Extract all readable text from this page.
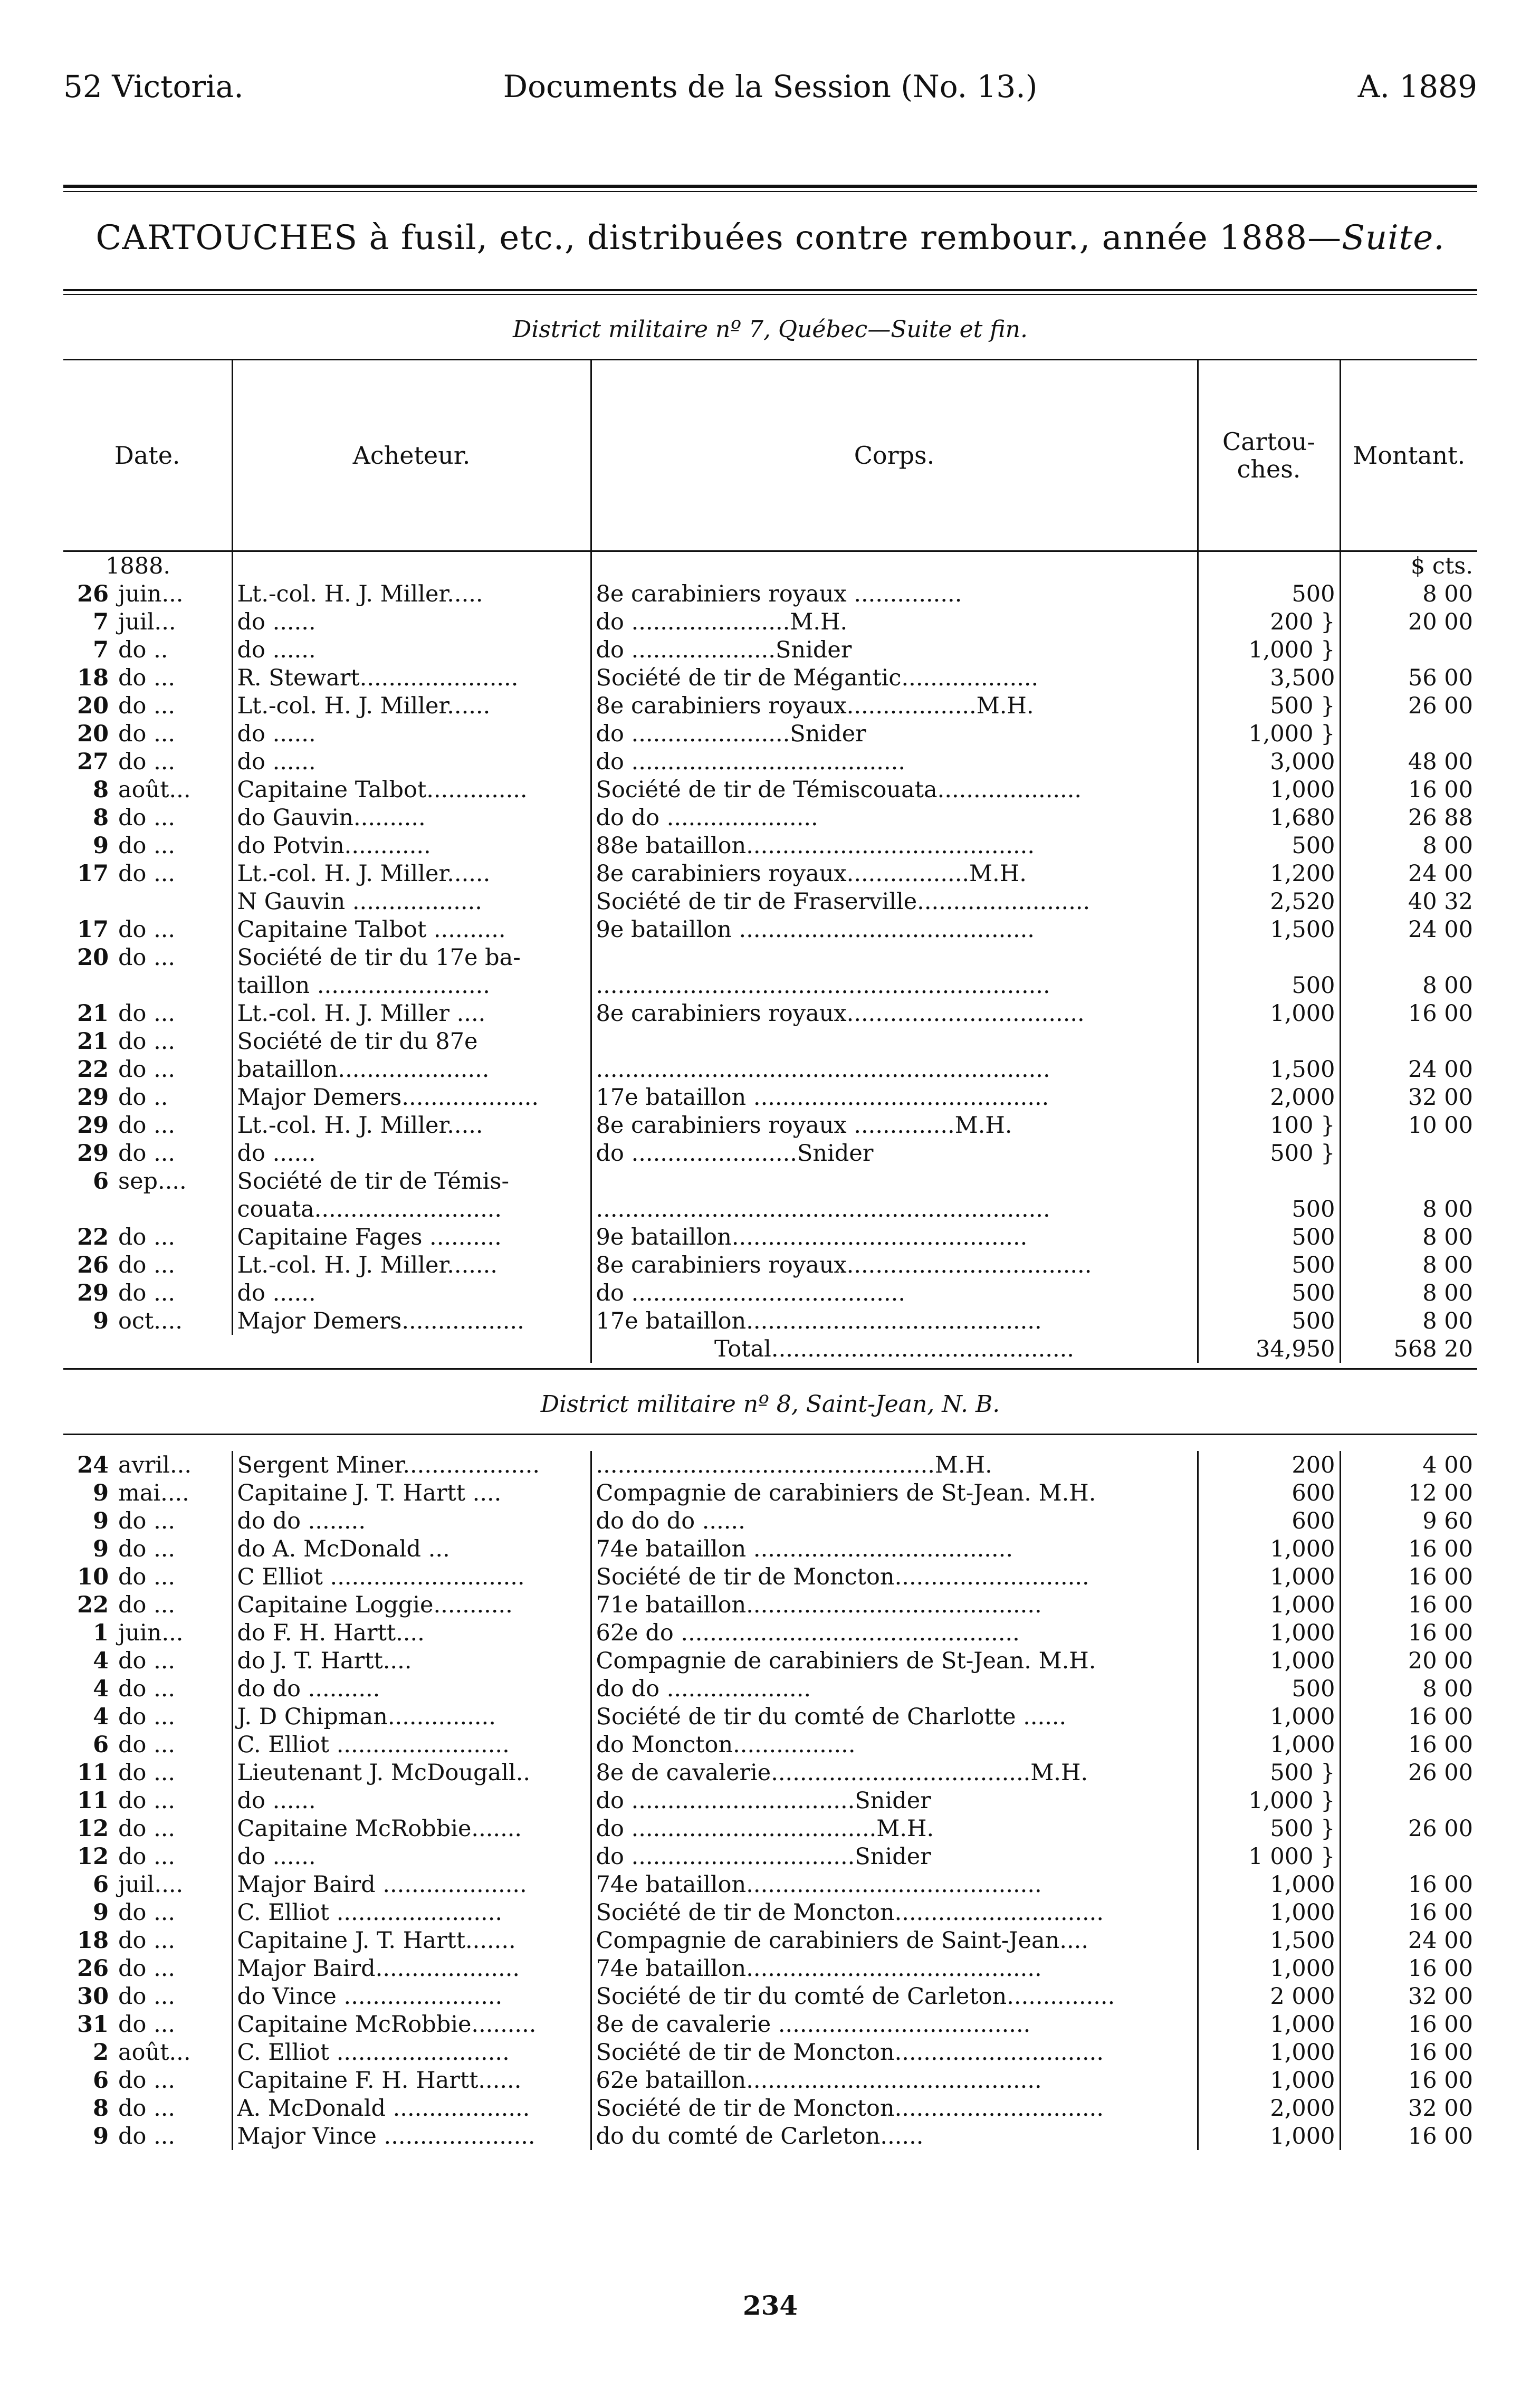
52 Victoria.	Documents de la Session (No. 13.)	A. 1889
CARTOUCHES à fusil, etc., distribuées contre rembour., année 1888—Suite.
District militaire nº 7, Québec—Suite et fin.
Date.	Acheteur.	Corps.	Cartou-ches.	Montant.
1888.				$ cts.
26 juin...	Lt.-col. H. J. Miller.....	8e carabiniers royaux ...............	500	8 00
7 juil...	do ......	do ......................M.H.	200 }	20 00
7 do ..	do ......	do ....................Snider	1,000 }	
18 do ...	R. Stewart......................	Société de tir de Mégantic...................	3,500	56 00
20 do ...	Lt.-col. H. J. Miller......	8e carabiniers royaux..................M.H.	500 }	26 00
20 do ...	do ......	do ......................Snider	1,000 }	
27 do ...	do ......	do ......................................	3,000	48 00
8 août...	Capitaine Talbot..............	Société de tir de Témiscouata....................	1,000	16 00
8 do ...	do Gauvin..........	do do .....................	1,680	26 88
9 do ...	do Potvin............	88e bataillon........................................	500	8 00
17 do ...	Lt.-col. H. J. Miller......	8e carabiniers royaux.................M.H.	1,200	24 00
	N Gauvin ..................	Société de tir de Fraserville........................	2,520	40 32
17 do ...	Capitaine Talbot ..........	9e bataillon .........................................	1,500	24 00
20 do ...	Société de tir du 17e ba-			
	taillon ........................	...............................................................	500	8 00
21 do ...	Lt.-col. H. J. Miller ....	8e carabiniers royaux.................................	1,000	16 00
21 do ...	Société de tir du 87e			
22 do ...	bataillon.....................	...............................................................	1,500	24 00
29 do ..	Major Demers...................	17e bataillon .........................................	2,000	32 00
29 do ...	Lt.-col. H. J. Miller.....	8e carabiniers royaux ..............M.H.	100 }	10 00
29 do ...	do ......	do .......................Snider	500 }	
6 sep....	Société de tir de Témis-			
	couata..........................	...............................................................	500	8 00
22 do ...	Capitaine Fages ..........	9e bataillon.........................................	500	8 00
26 do ...	Lt.-col. H. J. Miller.......	8e carabiniers royaux..................................	500	8 00
29 do ...	do ......	do ......................................	500	8 00
9 oct....	Major Demers.................	17e bataillon.........................................	500	8 00
		Total..........................................	34,950	568 20
District militaire nº 8, Saint-Jean, N. B.
24 avril...	Sergent Miner...................	...............................................M.H.	200	4 00
9 mai....	Capitaine J. T. Hartt ....	Compagnie de carabiniers de St-Jean. M.H.	600	12 00
9 do ...	do do ........	do do do ......	600	9 60
9 do ...	do A. McDonald ...	74e bataillon ....................................	1,000	16 00
10 do ...	C Elliot ...........................	Société de tir de Moncton...........................	1,000	16 00
22 do ...	Capitaine Loggie...........	71e bataillon.........................................	1,000	16 00
1 juin...	do F. H. Hartt....	62e do ...............................................	1,000	16 00
4 do ...	do J. T. Hartt....	Compagnie de carabiniers de St-Jean. M.H.	1,000	20 00
4 do ...	do do ..........	do do ....................	500	8 00
4 do ...	J. D Chipman...............	Société de tir du comté de Charlotte ......	1,000	16 00
6 do ...	C. Elliot ........................	do Moncton.................	1,000	16 00
11 do ...	Lieutenant J. McDougall..	8e de cavalerie....................................M.H.	500 }	26 00
11 do ...	do ......	do ...............................Snider	1,000 }	
12 do ...	Capitaine McRobbie.......	do ..................................M.H.	500 }	26 00
12 do ...	do ......	do ...............................Snider	1 000 }	
6 juil....	Major Baird ....................	74e bataillon.........................................	1,000	16 00
9 do ...	C. Elliot .......................	Société de tir de Moncton.............................	1,000	16 00
18 do ...	Capitaine J. T. Hartt.......	Compagnie de carabiniers de Saint-Jean....	1,500	24 00
26 do ...	Major Baird....................	74e bataillon.........................................	1,000	16 00
30 do ...	do Vince ......................	Société de tir du comté de Carleton...............	2 000	32 00
31 do ...	Capitaine McRobbie.........	8e de cavalerie ...................................	1,000	16 00
2 août...	C. Elliot ........................	Société de tir de Moncton.............................	1,000	16 00
6 do ...	Capitaine F. H. Hartt......	62e bataillon.........................................	1,000	16 00
8 do ...	A. McDonald ...................	Société de tir de Moncton.............................	2,000	32 00
9 do ...	Major Vince .....................	do du comté de Carleton......	1,000	16 00
234
